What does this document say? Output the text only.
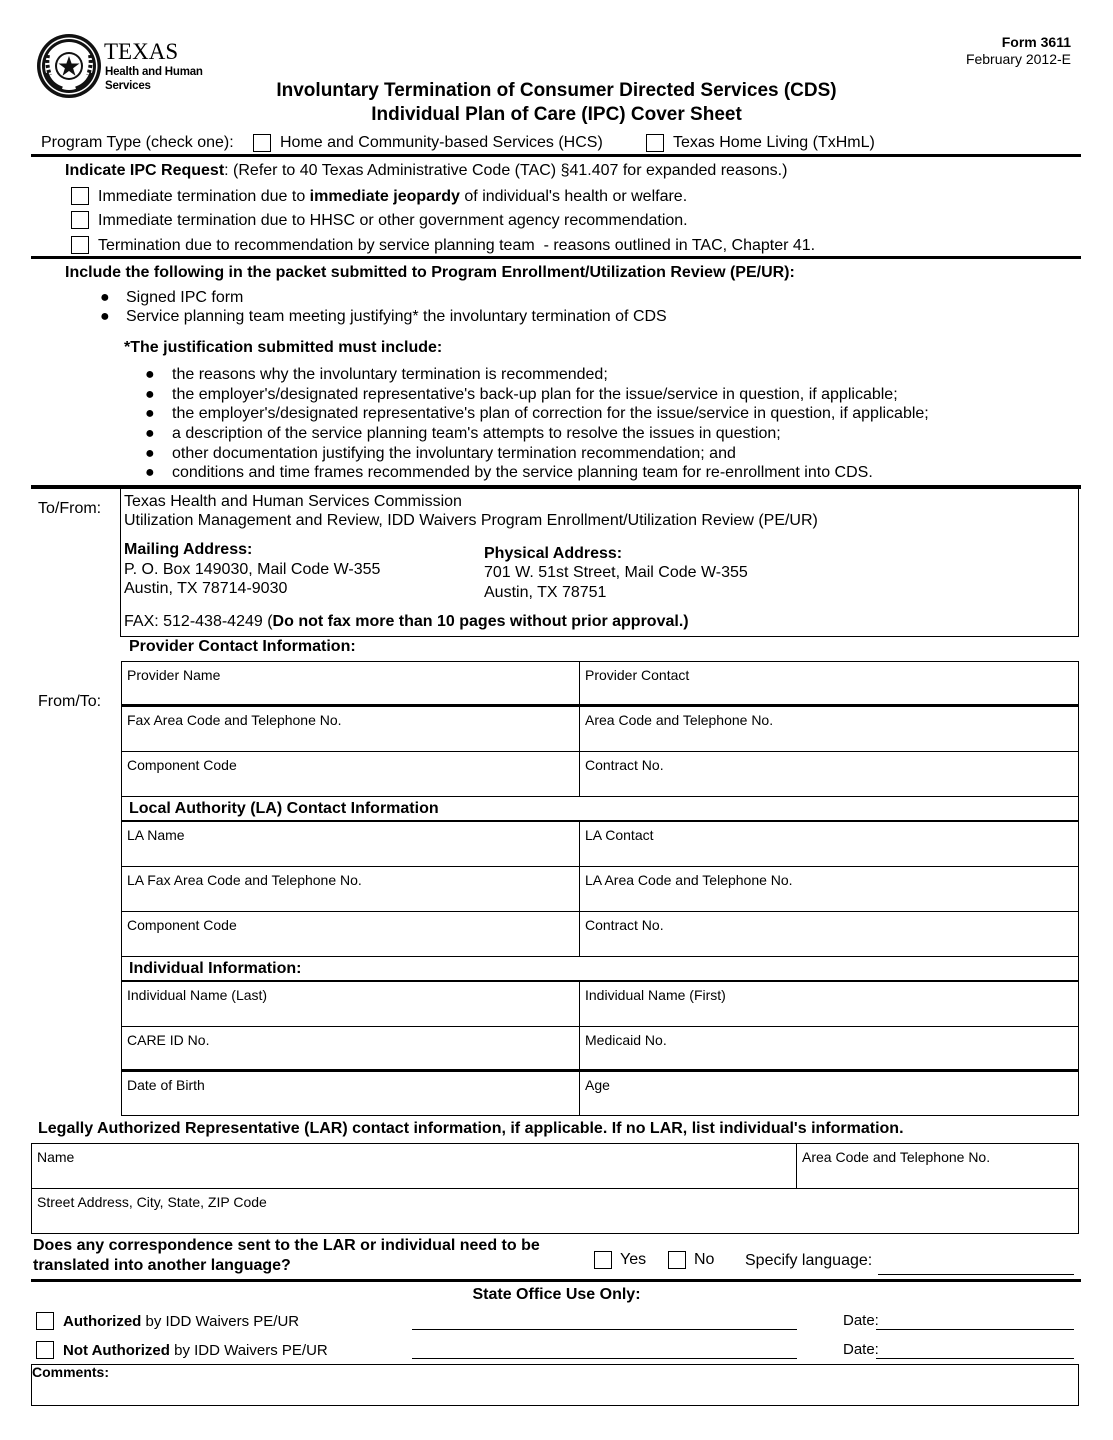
TEXAS
Health and Human
Services
Form 3611
February 2012-E
Involuntary Termination of Consumer Directed Services (CDS)
Individual Plan of Care (IPC) Cover Sheet
Program Type (check one):	Home and Community-based Services (HCS)	Texas Home Living (TxHmL)
Indicate IPC Request: (Refer to 40 Texas Administrative Code (TAC) §41.407 for expanded reasons.)
Immediate termination due to immediate jeopardy of individual's health or welfare.
Immediate termination due to HHSC or other government agency recommendation.
Termination due to recommendation by service planning team  - reasons outlined in TAC, Chapter 41.
Include the following in the packet submitted to Program Enrollment/Utilization Review (PE/UR):
● Signed IPC form
● Service planning team meeting justifying* the involuntary termination of CDS
*The justification submitted must include:
● the reasons why the involuntary termination is recommended;
● the employer's/designated representative's back-up plan for the issue/service in question, if applicable;
● the employer's/designated representative's plan of correction for the issue/service in question, if applicable;
● a description of the service planning team's attempts to resolve the issues in question;
● other documentation justifying the involuntary termination recommendation; and
● conditions and time frames recommended by the service planning team for re-enrollment into CDS.
To/From: Texas Health and Human Services Commission
Utilization Management and Review, IDD Waivers Program Enrollment/Utilization Review (PE/UR)
Mailing Address:
P. O. Box 149030, Mail Code W-355
Austin, TX 78714-9030
Physical Address:
701 W. 51st Street, Mail Code W-355
Austin, TX 78751
FAX: 512-438-4249 (Do not fax more than 10 pages without prior approval.)
From/To:
Provider Contact Information:
Provider Name	Provider Contact
Fax Area Code and Telephone No.	Area Code and Telephone No.
Component Code	Contract No.
Local Authority (LA) Contact Information
LA Name	LA Contact
LA Fax Area Code and Telephone No.	LA Area Code and Telephone No.
Component Code	Contract No.
Individual Information:
Individual Name (Last)	Individual Name (First)
CARE ID No.	Medicaid No.
Date of Birth	Age
Legally Authorized Representative (LAR) contact information, if applicable. If no LAR, list individual's information.
Name	Area Code and Telephone No.
Street Address, City, State, ZIP Code
Does any correspondence sent to the LAR or individual need to be
translated into another language?	Yes	No Specify language:
State Office Use Only:
Authorized by IDD Waivers PE/UR	Date:
Not Authorized by IDD Waivers PE/UR	Date:
Comments:
